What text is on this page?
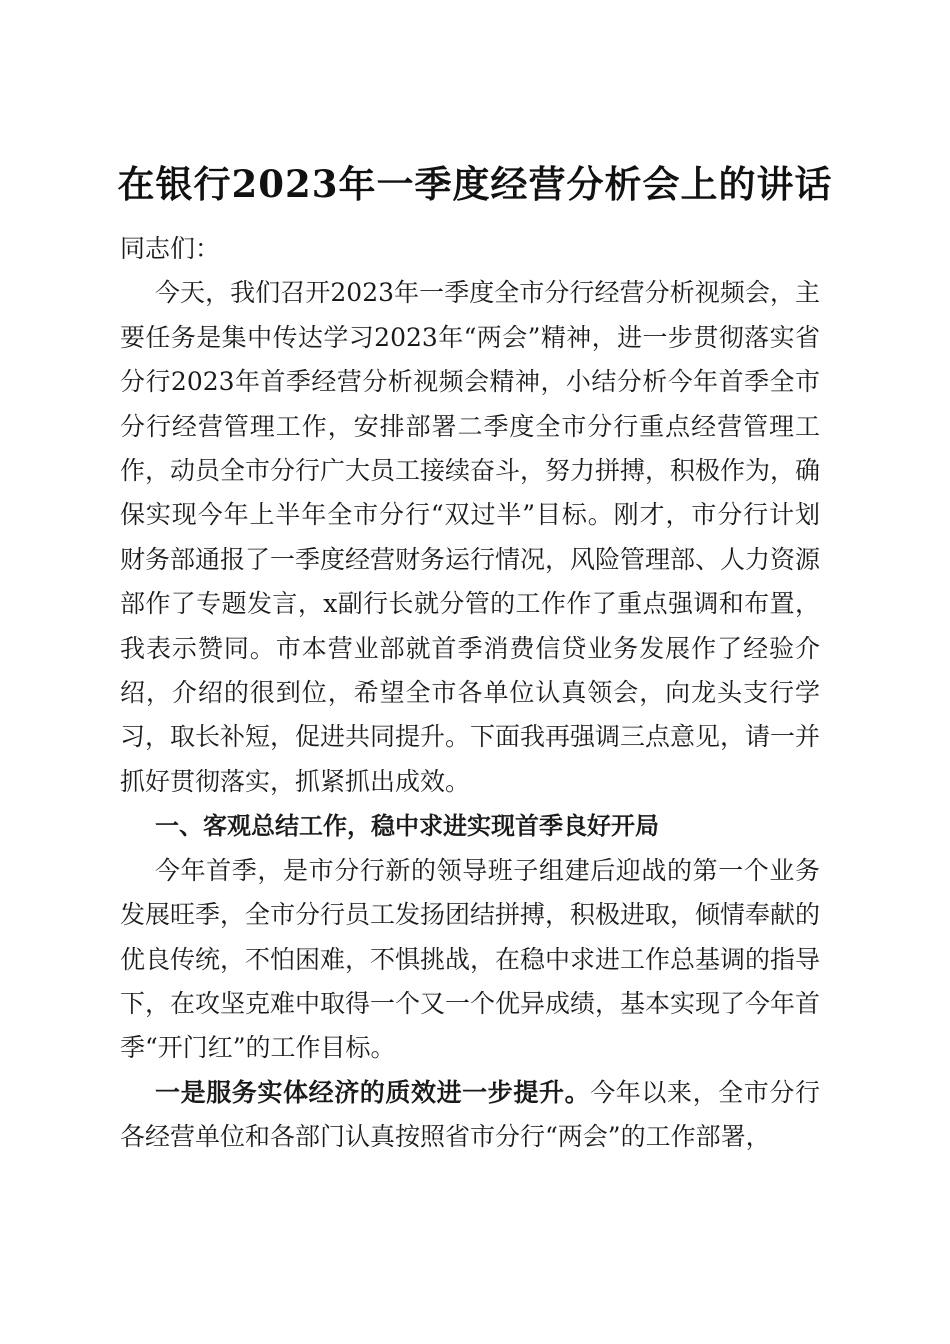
在银行2023年一季度经营分析会上的讲话

同志们：

今天，我们召开2023年一季度全市分行经营分析视频会，主要任务是集中传达学习2023年“两会”精神，进一步贯彻落实省分行2023年首季经营分析视频会精神，小结分析今年首季全市分行经营管理工作，安排部署二季度全市分行重点经营管理工作，动员全市分行广大员工接续奋斗，努力拼搏，积极作为，确保实现今年上半年全市分行“双过半”目标。刚才，市分行计划财务部通报了一季度经营财务运行情况，风险管理部、人力资源部作了专题发言，x副行长就分管的工作作了重点强调和布置，我表示赞同。市本营业部就首季消费信贷业务发展作了经验介绍，介绍的很到位，希望全市各单位认真领会，向龙头支行学习，取长补短，促进共同提升。下面我再强调三点意见，请一并抓好贯彻落实，抓紧抓出成效。

一、客观总结工作，稳中求进实现首季良好开局

今年首季，是市分行新的领导班子组建后迎战的第一个业务发展旺季，全市分行员工发扬团结拼搏，积极进取，倾情奉献的优良传统，不怕困难，不惧挑战，在稳中求进工作总基调的指导下，在攻坚克难中取得一个又一个优异成绩，基本实现了今年首季“开门红”的工作目标。

一是服务实体经济的质效进一步提升。今年以来，全市分行各经营单位和各部门认真按照省市分行“两会”的工作部署，
